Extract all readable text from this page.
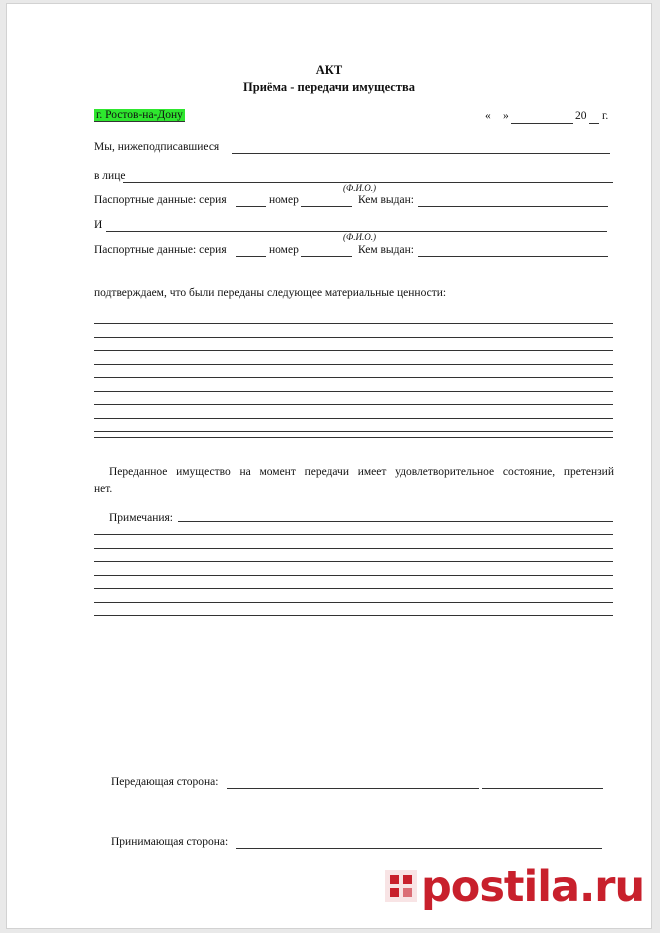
АКТ
Приёма - передачи имущества
г. Ростов-на-Дону	« »	20 г.
Мы, нижеподписавшиеся
в лице
(Ф.И.О.)
Паспортные данные: серия	номер	Кем выдан:
И
(Ф.И.О.)
Паспортные данные: серия	номер	Кем выдан:
подтверждаем, что были переданы следующее материальные ценности:
Переданное имущество на момент передачи имеет удовлетворительное состояние, претензий
нет.
Примечания:
Передающая сторона:
Принимающая сторона:
postila.ru
